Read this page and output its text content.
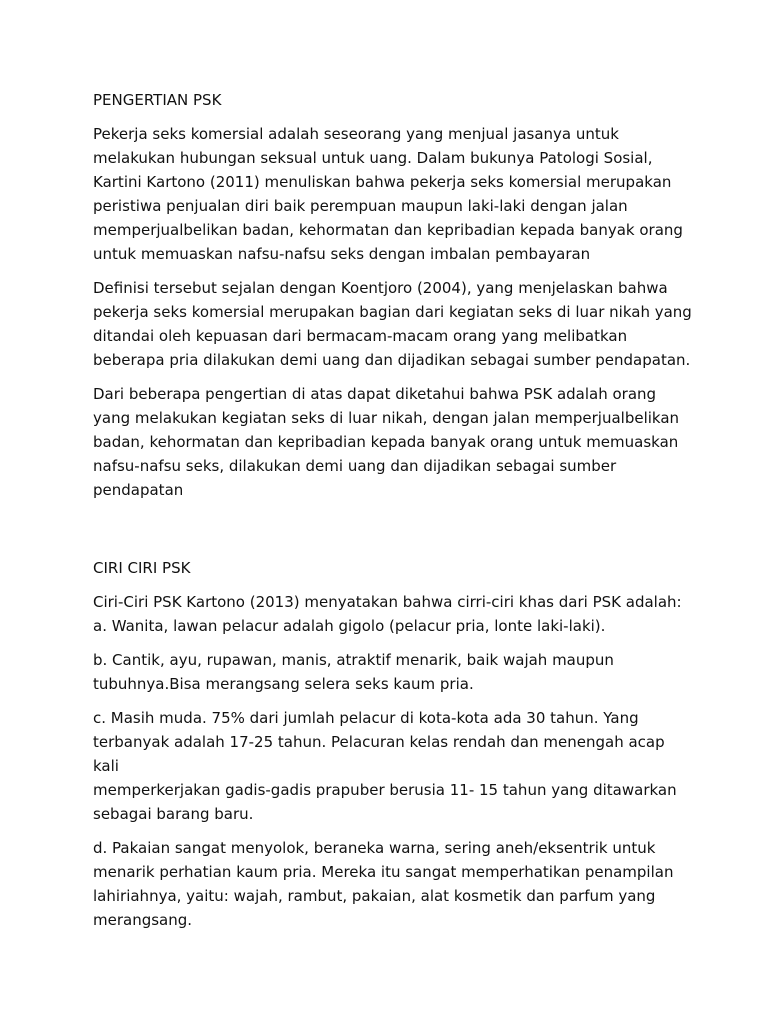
PENGERTIAN PSK
Pekerja seks komersial adalah seseorang yang menjual jasanya untuk
melakukan hubungan seksual untuk uang. Dalam bukunya Patologi Sosial,
Kartini Kartono (2011) menuliskan bahwa pekerja seks komersial merupakan
peristiwa penjualan diri baik perempuan maupun laki-laki dengan jalan
memperjualbelikan badan, kehormatan dan kepribadian kepada banyak orang
untuk memuaskan nafsu-nafsu seks dengan imbalan pembayaran
Definisi tersebut sejalan dengan Koentjoro (2004), yang menjelaskan bahwa
pekerja seks komersial merupakan bagian dari kegiatan seks di luar nikah yang
ditandai oleh kepuasan dari bermacam-macam orang yang melibatkan
beberapa pria dilakukan demi uang dan dijadikan sebagai sumber pendapatan.
Dari beberapa pengertian di atas dapat diketahui bahwa PSK adalah orang
yang melakukan kegiatan seks di luar nikah, dengan jalan memperjualbelikan
badan, kehormatan dan kepribadian kepada banyak orang untuk memuaskan
nafsu-nafsu seks, dilakukan demi uang dan dijadikan sebagai sumber
pendapatan
CIRI CIRI PSK
Ciri-Ciri PSK Kartono (2013) menyatakan bahwa cirri-ciri khas dari PSK adalah:
a. Wanita, lawan pelacur adalah gigolo (pelacur pria, lonte laki-laki).
b. Cantik, ayu, rupawan, manis, atraktif menarik, baik wajah maupun
tubuhnya.Bisa merangsang selera seks kaum pria.
c. Masih muda. 75% dari jumlah pelacur di kota-kota ada 30 tahun. Yang
terbanyak adalah 17-25 tahun. Pelacuran kelas rendah dan menengah acap kali
memperkerjakan gadis-gadis prapuber berusia 11- 15 tahun yang ditawarkan
sebagai barang baru.
d. Pakaian sangat menyolok, beraneka warna, sering aneh/eksentrik untuk
menarik perhatian kaum pria. Mereka itu sangat memperhatikan penampilan
lahiriahnya, yaitu: wajah, rambut, pakaian, alat kosmetik dan parfum yang
merangsang.
